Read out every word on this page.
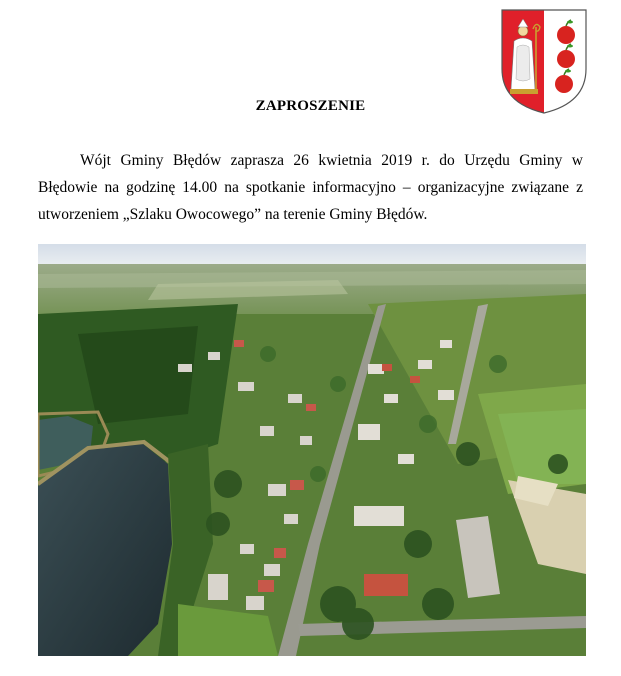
ZAPROSZENIE
Wójt Gminy Błędów zaprasza 26 kwietnia 2019 r. do Urzędu Gminy w Błędowie na godzinę 14.00 na spotkanie informacyjno – organizacyjne związane z utworzeniem „Szlaku Owocowego” na terenie Gminy Błędów.
